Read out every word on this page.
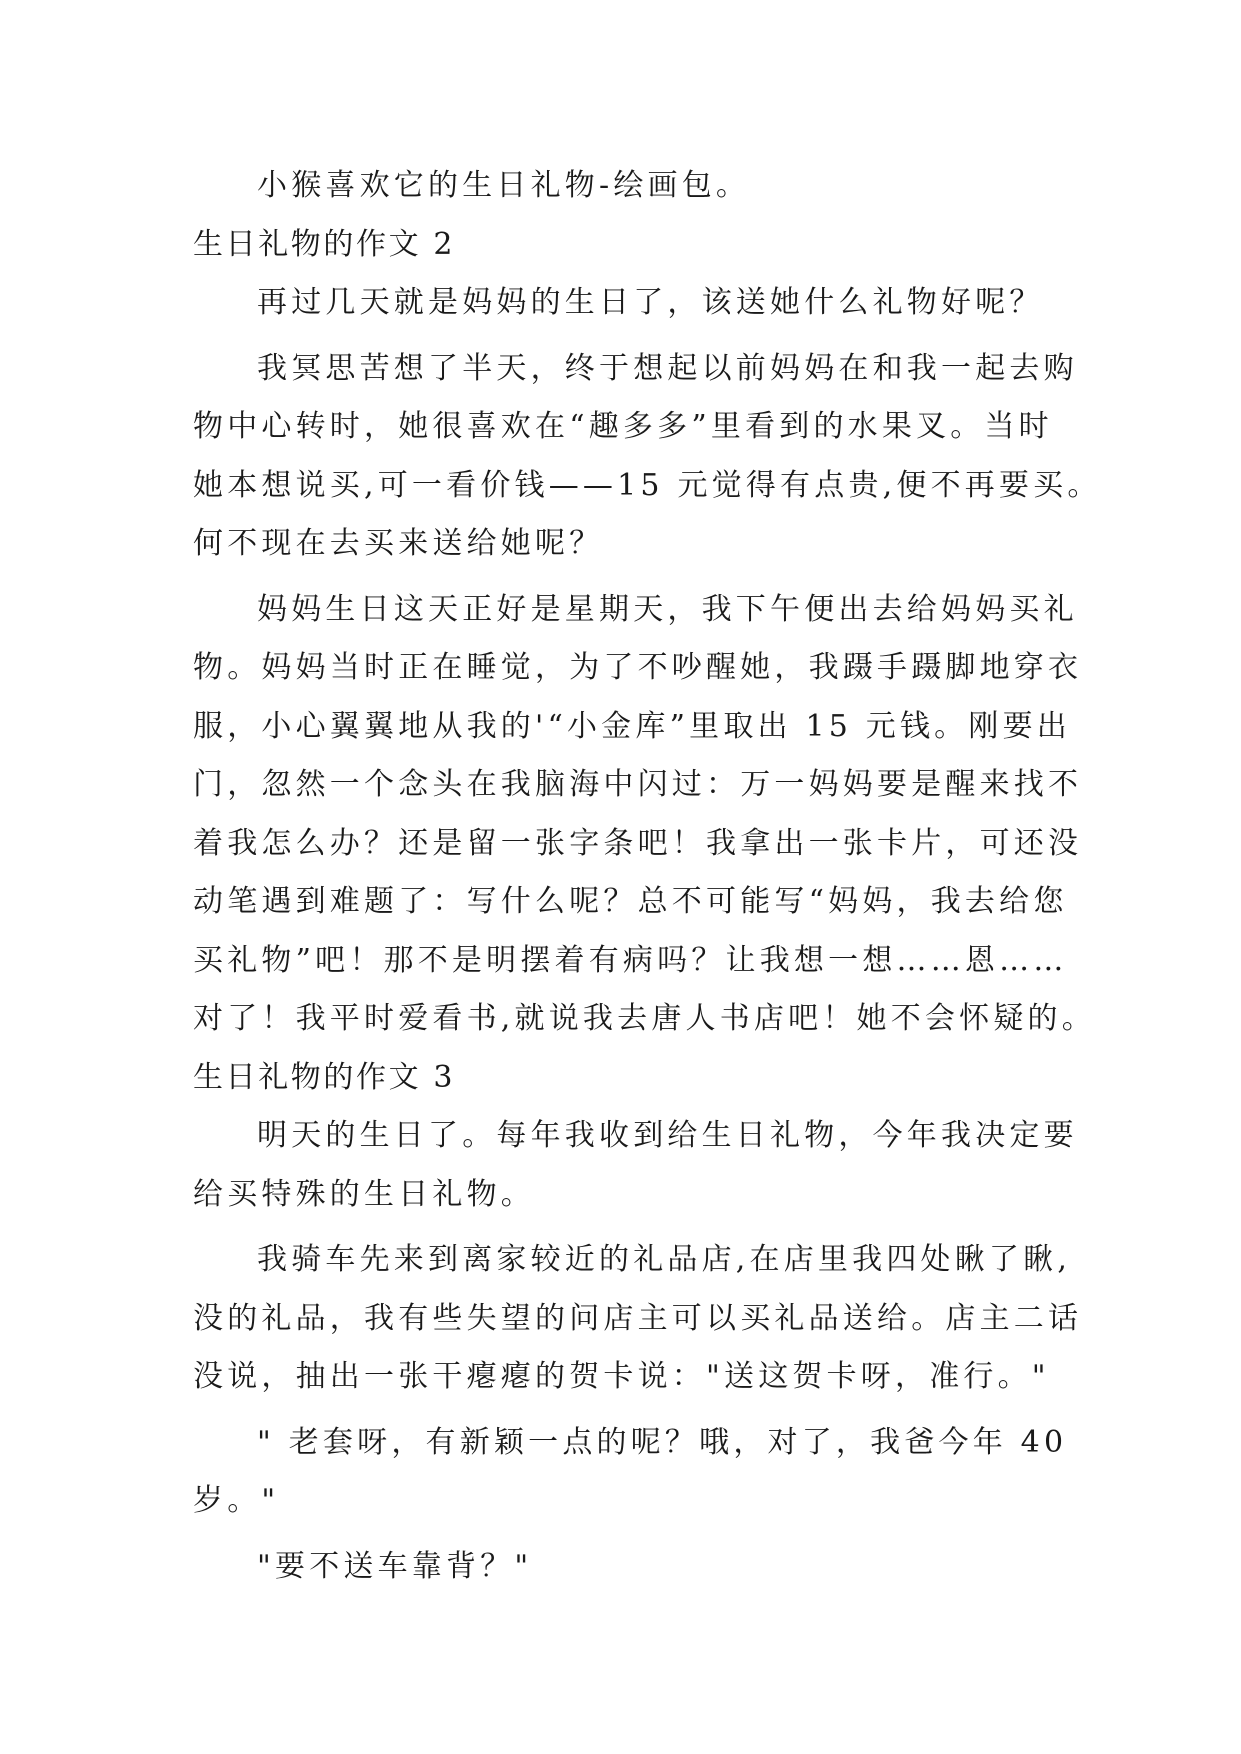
小猴喜欢它的生日礼物-绘画包。
生日礼物的作文 2
再过几天就是妈妈的生日了，该送她什么礼物好呢？
我冥思苦想了半天，终于想起以前妈妈在和我一起去购
物中心转时，她很喜欢在“趣多多”里看到的水果叉。当时
她本想说买,可一看价钱——15 元觉得有点贵,便不再要买。
何不现在去买来送给她呢？
妈妈生日这天正好是星期天，我下午便出去给妈妈买礼
物。妈妈当时正在睡觉，为了不吵醒她，我蹑手蹑脚地穿衣
服，小心翼翼地从我的'“小金库”里取出 15 元钱。刚要出
门，忽然一个念头在我脑海中闪过：万一妈妈要是醒来找不
着我怎么办？还是留一张字条吧！我拿出一张卡片，可还没
动笔遇到难题了：写什么呢？总不可能写“妈妈，我去给您
买礼物”吧！那不是明摆着有病吗？让我想一想……恩……
对了！我平时爱看书,就说我去唐人书店吧！她不会怀疑的。
生日礼物的作文 3
明天的生日了。每年我收到给生日礼物，今年我决定要
给买特殊的生日礼物。
我骑车先来到离家较近的礼品店,在店里我四处瞅了瞅,
没的礼品，我有些失望的问店主可以买礼品送给。店主二话
没说，抽出一张干瘪瘪的贺卡说："送这贺卡呀，准行。"
" 老套呀，有新颖一点的呢？哦，对了，我爸今年 40
岁。"
"要不送车靠背？"
